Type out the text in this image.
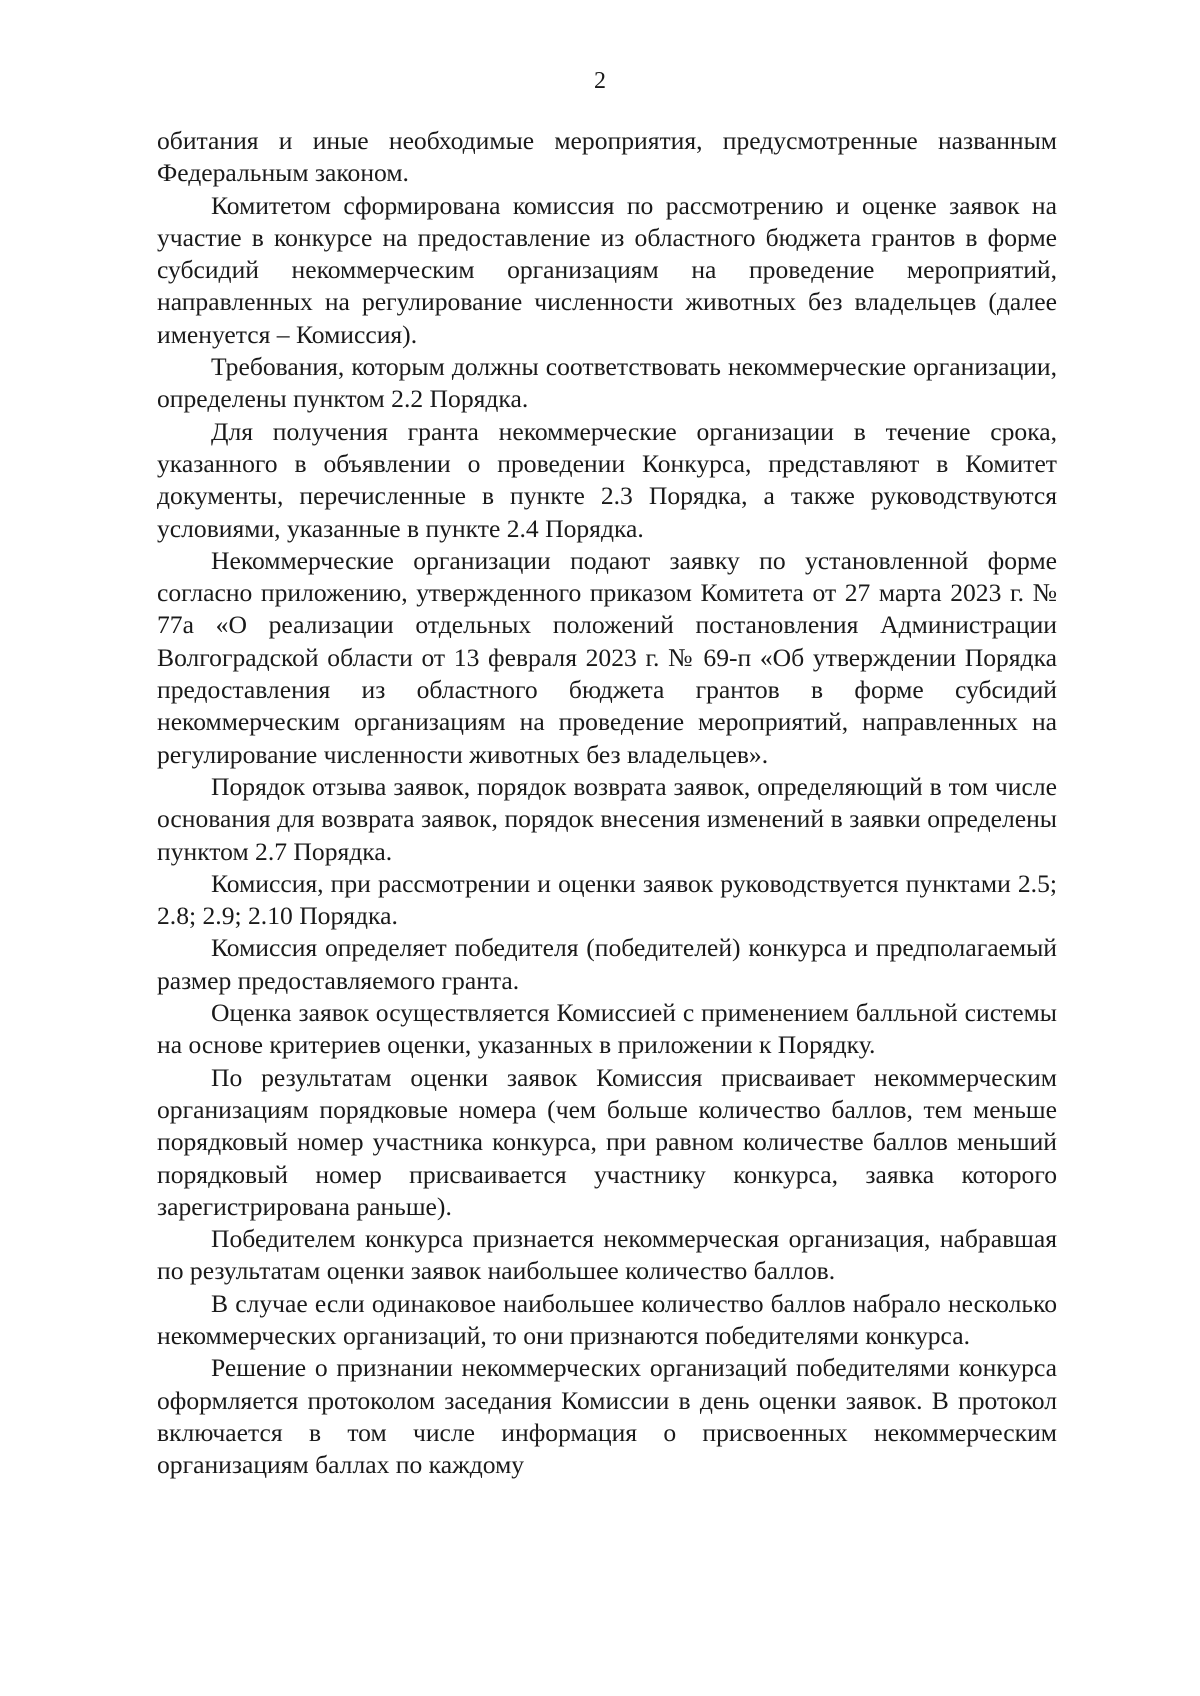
2

обитания и иные необходимые мероприятия, предусмотренные названным Федеральным законом.

Комитетом сформирована комиссия по рассмотрению и оценке заявок на участие в конкурсе на предоставление из областного бюджета грантов в форме субсидий некоммерческим организациям на проведение мероприятий, направленных на регулирование численности животных без владельцев (далее именуется – Комиссия).

Требования, которым должны соответствовать некоммерческие организации, определены пунктом 2.2 Порядка.

Для получения гранта некоммерческие организации в течение срока, указанного в объявлении о проведении Конкурса, представляют в Комитет документы, перечисленные в пункте 2.3 Порядка, а также руководствуются условиями, указанные в пункте 2.4 Порядка.

Некоммерческие организации подают заявку по установленной форме согласно приложению, утвержденного приказом Комитета от 27 марта 2023 г. № 77а «О реализации отдельных положений постановления Администрации Волгоградской области от 13 февраля 2023 г. № 69-п «Об утверждении Порядка предоставления из областного бюджета грантов в форме субсидий некоммерческим организациям на проведение мероприятий, направленных на регулирование численности животных без владельцев».

Порядок отзыва заявок, порядок возврата заявок, определяющий в том числе основания для возврата заявок, порядок внесения изменений в заявки определены пунктом 2.7 Порядка.

Комиссия, при рассмотрении и оценки заявок руководствуется пунктами 2.5; 2.8; 2.9; 2.10 Порядка.

Комиссия определяет победителя (победителей) конкурса и предполагаемый размер предоставляемого гранта.

Оценка заявок осуществляется Комиссией с применением балльной системы на основе критериев оценки, указанных в приложении к Порядку.

По результатам оценки заявок Комиссия присваивает некоммерческим организациям порядковые номера (чем больше количество баллов, тем меньше порядковый номер участника конкурса, при равном количестве баллов меньший порядковый номер присваивается участнику конкурса, заявка которого зарегистрирована раньше).

Победителем конкурса признается некоммерческая организация, набравшая по результатам оценки заявок наибольшее количество баллов.

В случае если одинаковое наибольшее количество баллов набрало несколько некоммерческих организаций, то они признаются победителями конкурса.

Решение о признании некоммерческих организаций победителями конкурса оформляется протоколом заседания Комиссии в день оценки заявок. В протокол включается в том числе информация о присвоенных некоммерческим организациям баллах по каждому
